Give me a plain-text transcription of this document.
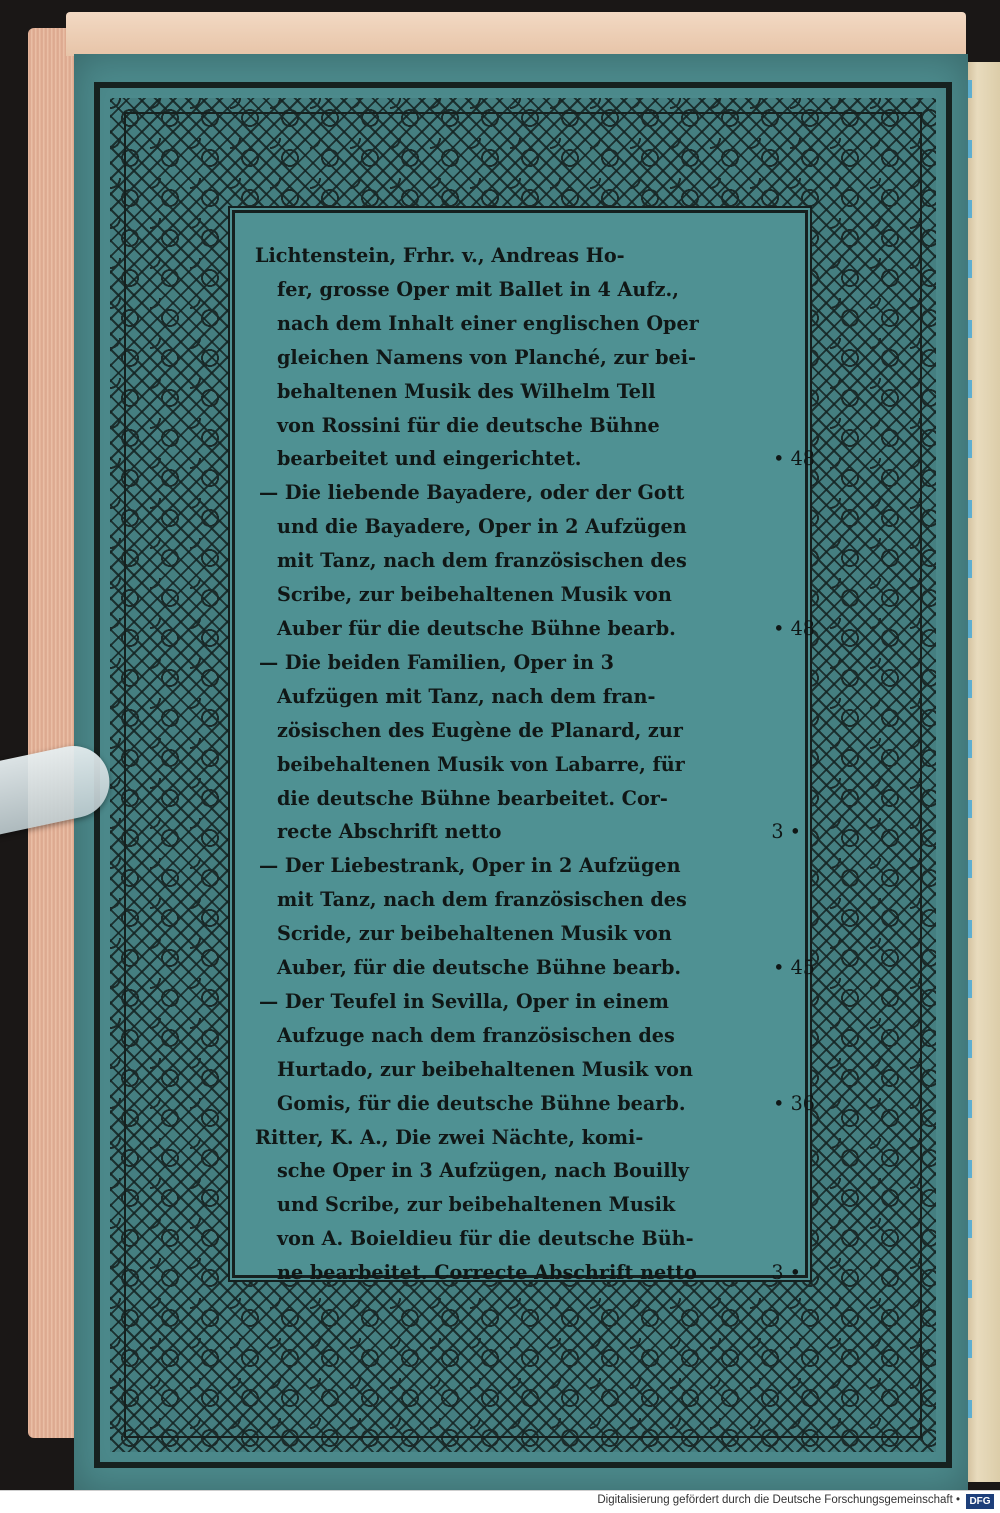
Lichtenstein, Frhr. v., Andreas Ho-
fer, grosse Oper mit Ballet in 4 Aufz.,
nach dem Inhalt einer englischen Oper
gleichen Namens von Planché, zur bei-
behaltenen Musik des Wilhelm Tell
von Rossini für die deutsche Bühne
bearbeitet und eingerichtet.	• 48
— Die liebende Bayadere, oder der Gott
und die Bayadere, Oper in 2 Aufzügen
mit Tanz, nach dem französischen des
Scribe, zur beibehaltenen Musik von
Auber für die deutsche Bühne bearb.	• 48
— Die beiden Familien, Oper in 3
Aufzügen mit Tanz, nach dem fran-
zösischen des Eugène de Planard, zur
beibehaltenen Musik von Labarre, für
die deutsche Bühne bearbeitet. Cor-
recte Abschrift netto	3 •
— Der Liebestrank, Oper in 2 Aufzügen
mit Tanz, nach dem französischen des
Scride, zur beibehaltenen Musik von
Auber, für die deutsche Bühne bearb.	• 45
— Der Teufel in Sevilla, Oper in einem
Aufzuge nach dem französischen des
Hurtado, zur beibehaltenen Musik von
Gomis, für die deutsche Bühne bearb.	• 36
Ritter, K. A., Die zwei Nächte, komi-
sche Oper in 3 Aufzügen, nach Bouilly
und Scribe, zur beibehaltenen Musik
von A. Boieldieu für die deutsche Büh-
ne bearbeitet. Correcte Abschrift netto	3 •
Digitalisierung gefördert durch die Deutsche Forschungsgemeinschaft • DFG
